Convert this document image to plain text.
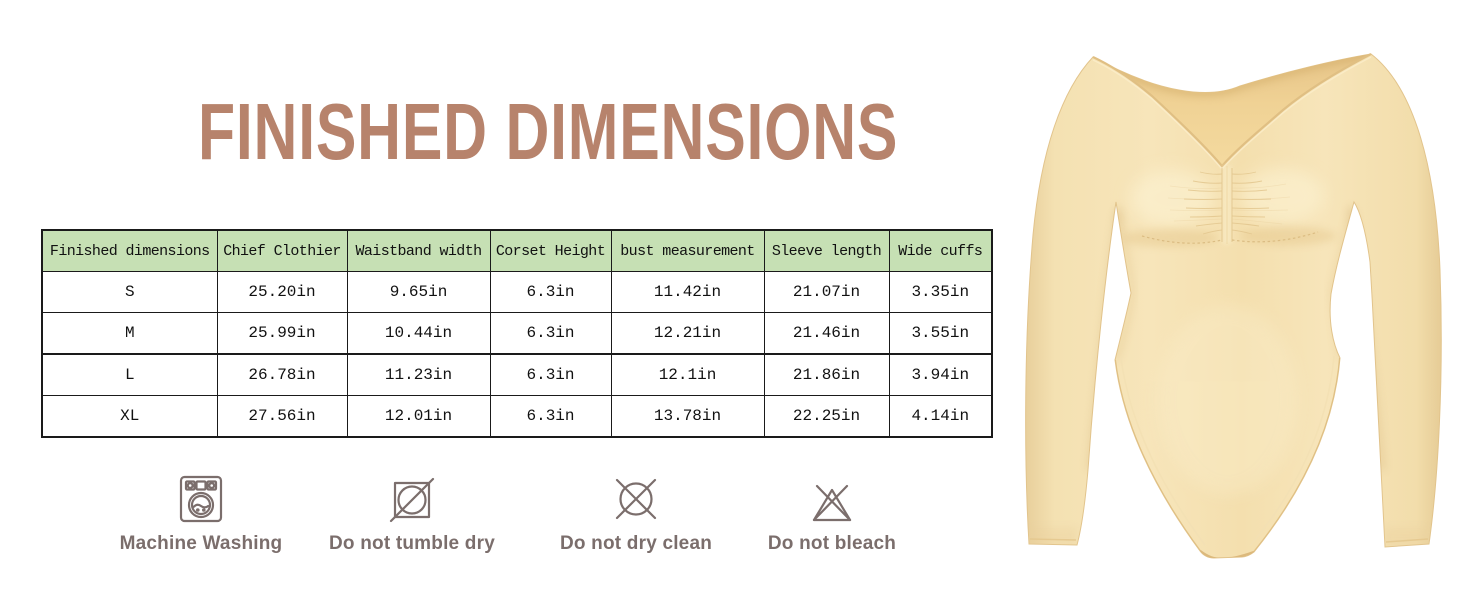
FINISHED DIMENSIONS
Finished dimensions	Chief Clothier	Waistband width	Corset Height	bust measurement	Sleeve length	Wide cuffs
S	25.20in	9.65in	6.3in	11.42in	21.07in	3.35in
M	25.99in	10.44in	6.3in	12.21in	21.46in	3.55in
L	26.78in	11.23in	6.3in	12.1in	21.86in	3.94in
XL	27.56in	12.01in	6.3in	13.78in	22.25in	4.14in
Machine Washing Do not tumble dry	Do not dry clean	Do not bleach
